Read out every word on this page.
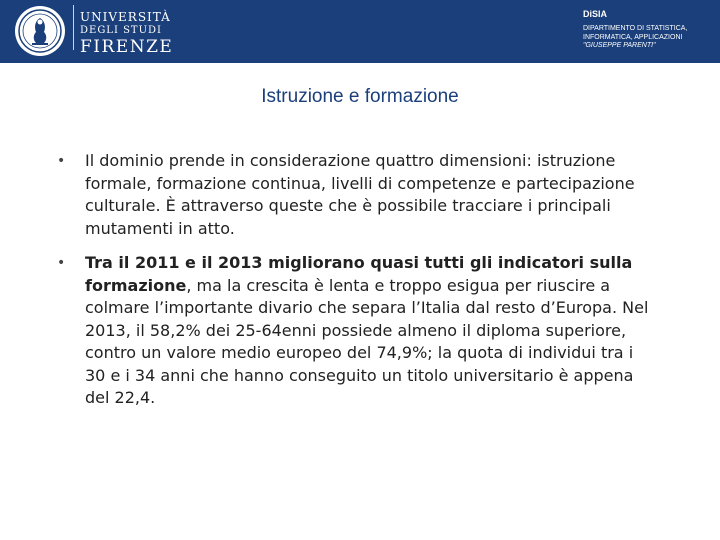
UNIVERSITÀ
DEGLI STUDI
FIRENZE
DiSIA
DIPARTIMENTO DI STATISTICA,
INFORMATICA, APPLICAZIONI
"GIUSEPPE PARENTI"
Istruzione e formazione
• Il dominio prende in considerazione quattro dimensioni: istruzione formale, formazione continua, livelli di competenze e partecipazione culturale. È attraverso queste che è possibile tracciare i principali mutamenti in atto.
• Tra il 2011 e il 2013 migliorano quasi tutti gli indicatori sulla formazione, ma la crescita è lenta e troppo esigua per riuscire a colmare l’importante divario che separa l’Italia dal resto d’Europa. Nel 2013, il 58,2% dei 25-64enni possiede almeno il diploma superiore, contro un valore medio europeo del 74,9%; la quota di individui tra i 30 e i 34 anni che hanno conseguito un titolo universitario è appena del 22,4.
